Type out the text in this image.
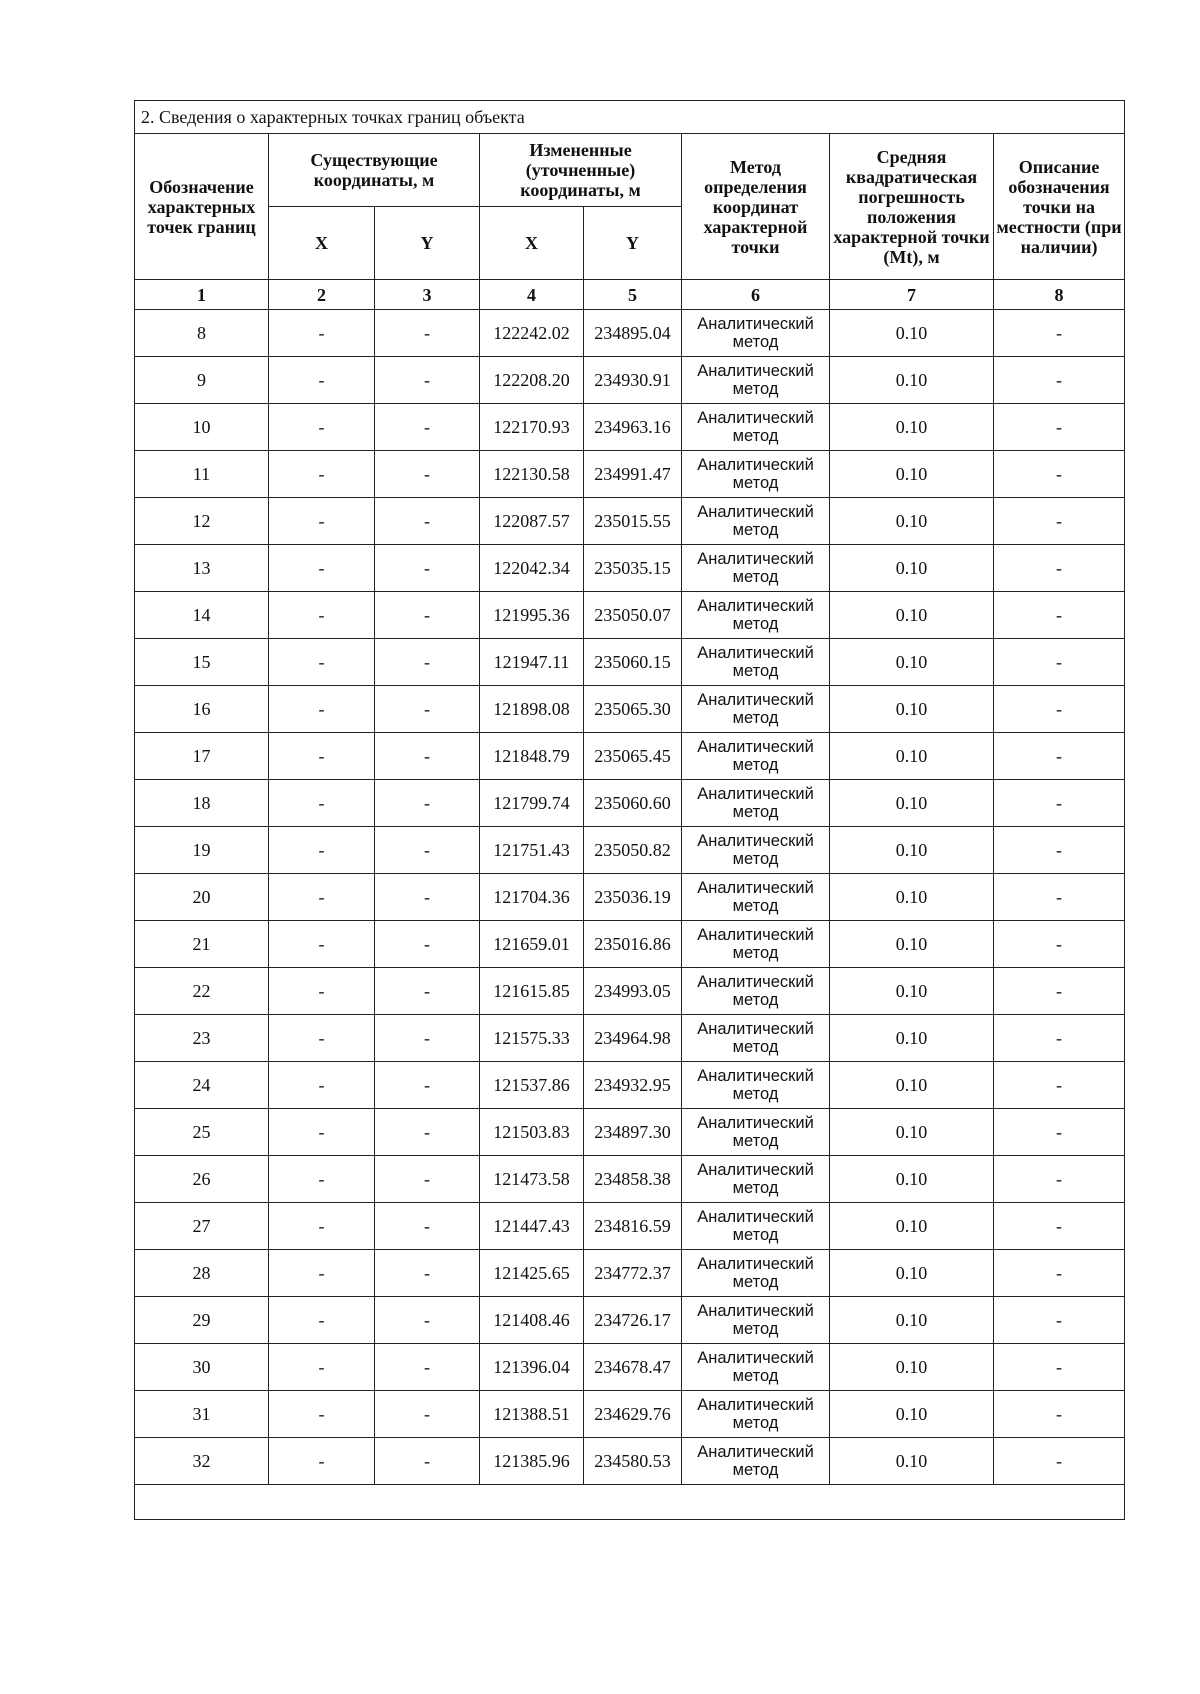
2. Сведения о характерных точках границ объекта							
Обозначение характерных точек границ	Существующие координаты, м		Измененные (уточненные) координаты, м		Метод определения координат характерной точки	Средняя квадратическая погрешность положения характерной точки (Mt), м	Описание обозначения точки на местности (при наличии)
	X	Y	X	Y			
1	2	3	4	5	6	7	8
8	-	-	122242.02	234895.04	Аналитический метод	0.10	-
9	-	-	122208.20	234930.91	Аналитический метод	0.10	-
10	-	-	122170.93	234963.16	Аналитический метод	0.10	-
11	-	-	122130.58	234991.47	Аналитический метод	0.10	-
12	-	-	122087.57	235015.55	Аналитический метод	0.10	-
13	-	-	122042.34	235035.15	Аналитический метод	0.10	-
14	-	-	121995.36	235050.07	Аналитический метод	0.10	-
15	-	-	121947.11	235060.15	Аналитический метод	0.10	-
16	-	-	121898.08	235065.30	Аналитический метод	0.10	-
17	-	-	121848.79	235065.45	Аналитический метод	0.10	-
18	-	-	121799.74	235060.60	Аналитический метод	0.10	-
19	-	-	121751.43	235050.82	Аналитический метод	0.10	-
20	-	-	121704.36	235036.19	Аналитический метод	0.10	-
21	-	-	121659.01	235016.86	Аналитический метод	0.10	-
22	-	-	121615.85	234993.05	Аналитический метод	0.10	-
23	-	-	121575.33	234964.98	Аналитический метод	0.10	-
24	-	-	121537.86	234932.95	Аналитический метод	0.10	-
25	-	-	121503.83	234897.30	Аналитический метод	0.10	-
26	-	-	121473.58	234858.38	Аналитический метод	0.10	-
27	-	-	121447.43	234816.59	Аналитический метод	0.10	-
28	-	-	121425.65	234772.37	Аналитический метод	0.10	-
29	-	-	121408.46	234726.17	Аналитический метод	0.10	-
30	-	-	121396.04	234678.47	Аналитический метод	0.10	-
31	-	-	121388.51	234629.76	Аналитический метод	0.10	-
32	-	-	121385.96	234580.53	Аналитический метод	0.10	-
